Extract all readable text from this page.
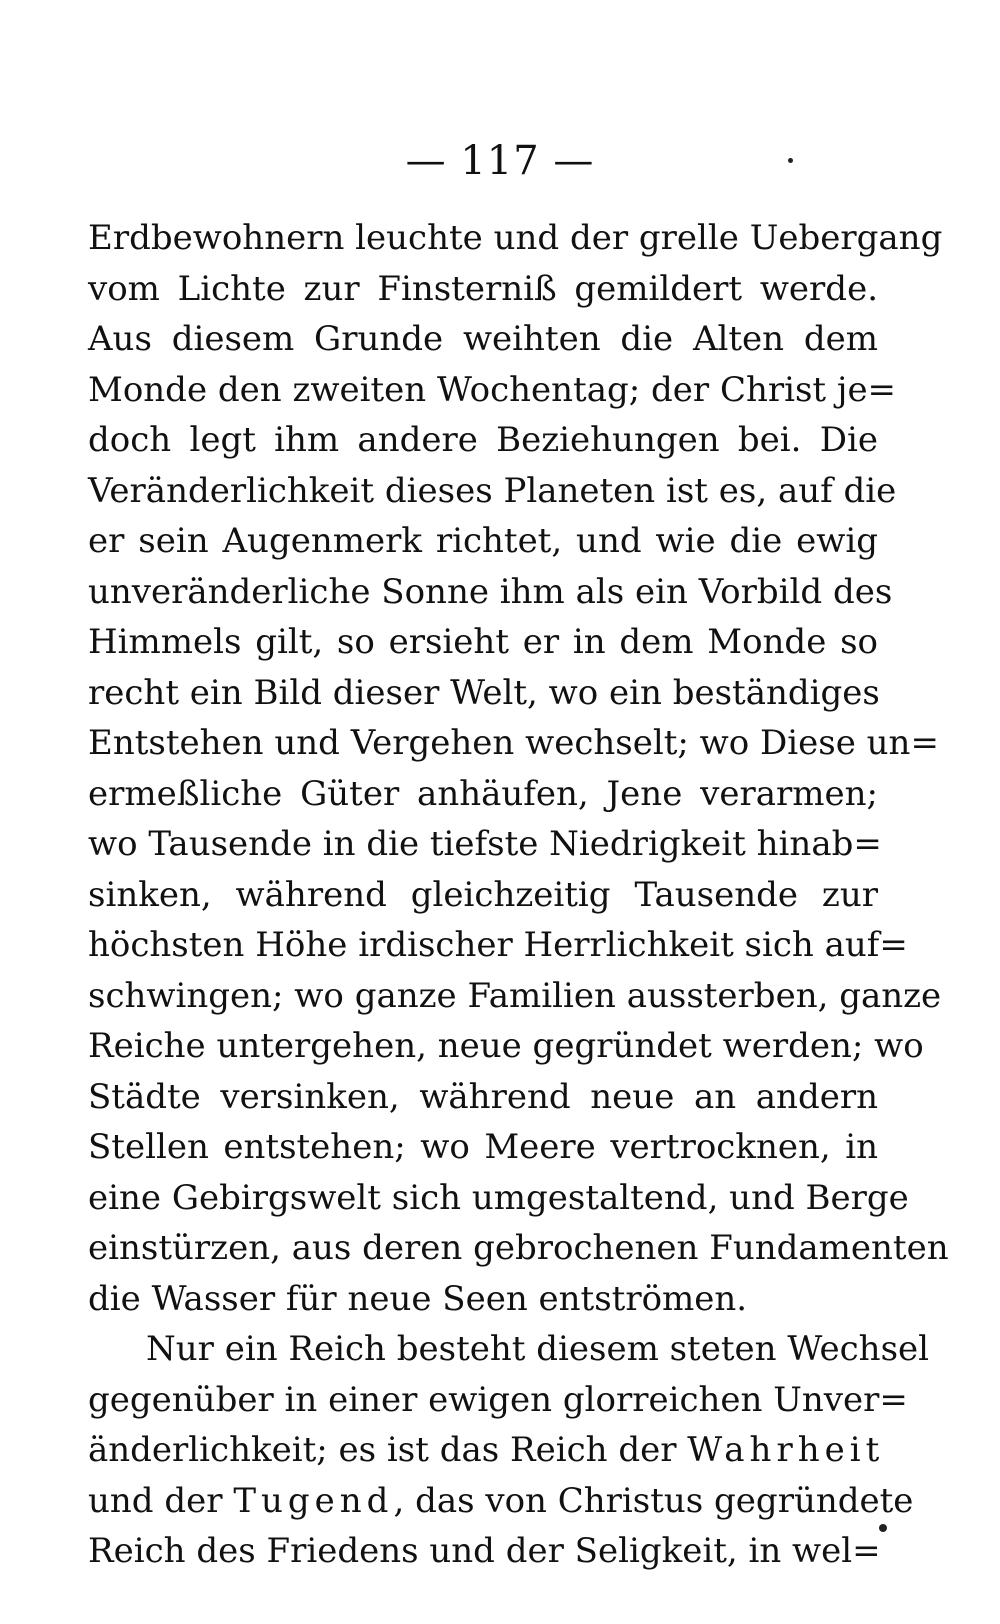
— 117 —
Erdbewohnern leuchte und der grelle Uebergang
vom Lichte zur Finsterniß gemildert werde.
Aus diesem Grunde weihten die Alten dem
Monde den zweiten Wochentag; der Christ je=
doch legt ihm andere Beziehungen bei. Die
Veränderlichkeit dieses Planeten ist es, auf die
er sein Augenmerk richtet, und wie die ewig
unveränderliche Sonne ihm als ein Vorbild des
Himmels gilt, so ersieht er in dem Monde so
recht ein Bild dieser Welt, wo ein beständiges
Entstehen und Vergehen wechselt; wo Diese un=
ermeßliche Güter anhäufen, Jene verarmen;
wo Tausende in die tiefste Niedrigkeit hinab=
sinken, während gleichzeitig Tausende zur
höchsten Höhe irdischer Herrlichkeit sich auf=
schwingen; wo ganze Familien aussterben, ganze
Reiche untergehen, neue gegründet werden; wo
Städte versinken, während neue an andern
Stellen entstehen; wo Meere vertrocknen, in
eine Gebirgswelt sich umgestaltend, und Berge
einstürzen, aus deren gebrochenen Fundamenten
die Wasser für neue Seen entströmen.
Nur ein Reich besteht diesem steten Wechsel
gegenüber in einer ewigen glorreichen Unver=
änderlichkeit; es ist das Reich der Wahrheit
und der Tugend, das von Christus gegründete
Reich des Friedens und der Seligkeit, in wel=
